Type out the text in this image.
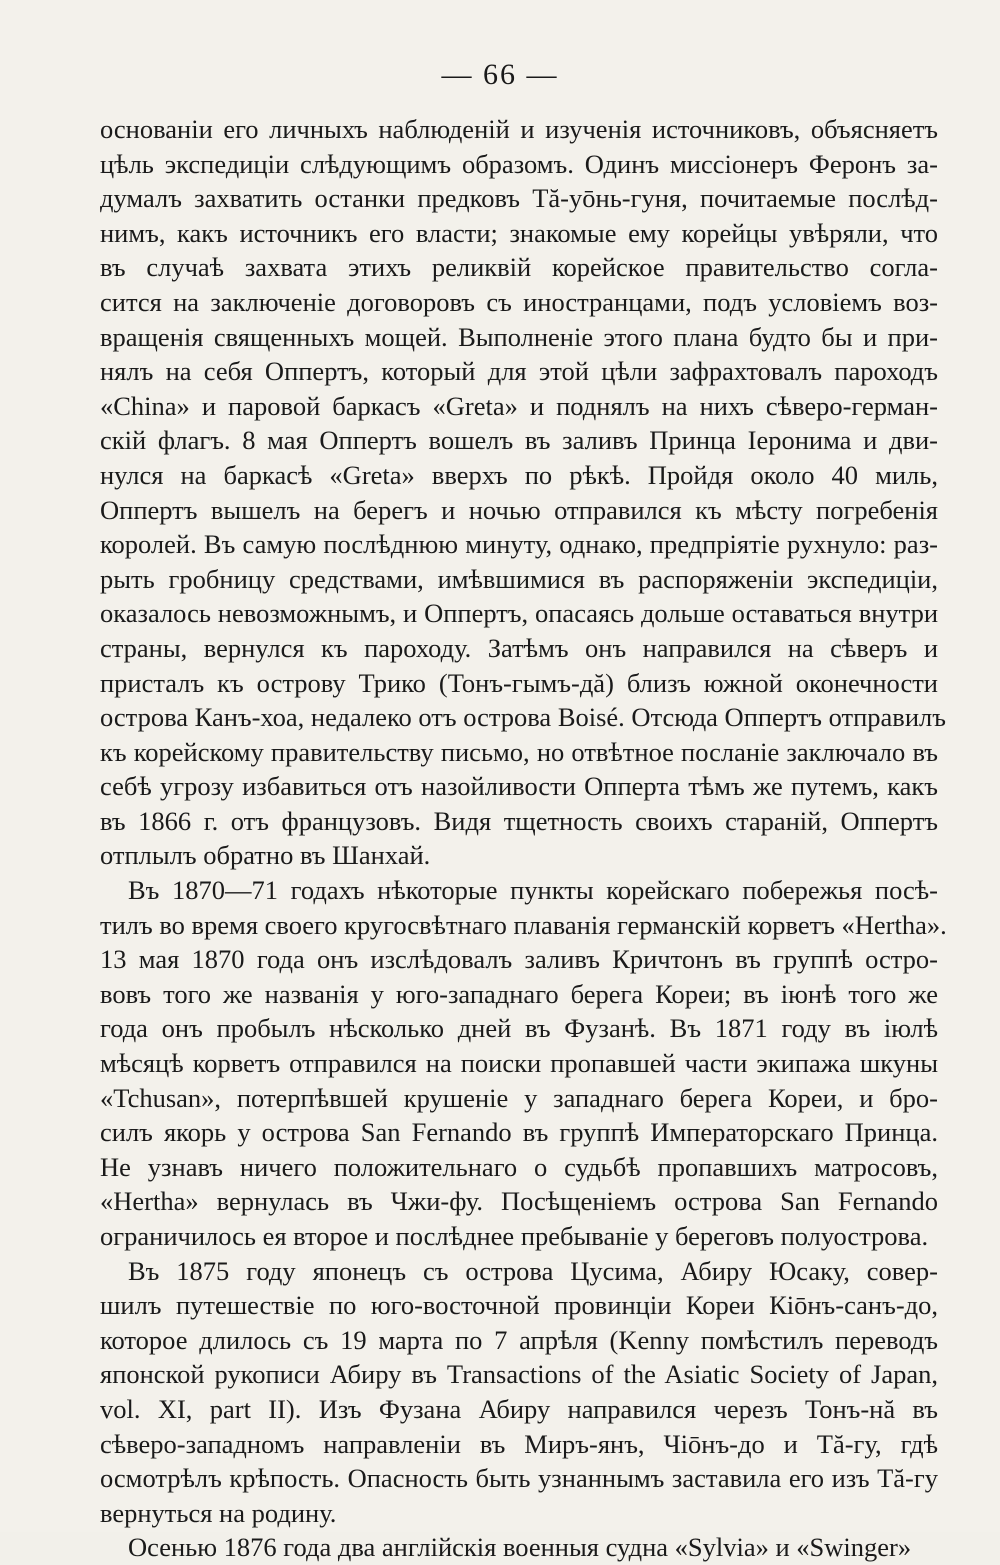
— 66 —
основаніи его личныхъ наблюденій и изученія источниковъ, объясняетъ
цѣль экспедиціи слѣдующимъ образомъ. Одинъ миссіонеръ Феронъ за-
думалъ захватить останки предковъ Тă-уōнь-гуня, почитаемые послѣд-
нимъ, какъ источникъ его власти; знакомые ему корейцы увѣряли, что
въ случаѣ захвата этихъ реликвій корейское правительство согла-
сится на заключеніе договоровъ съ иностранцами, подъ условіемъ воз-
вращенія священныхъ мощей. Выполненіе этого плана будто бы и при-
нялъ на себя Оппертъ, который для этой цѣли зафрахтовалъ пароходъ
«China» и паровой баркасъ «Greta» и поднялъ на нихъ сѣверо-герман-
скій флагъ. 8 мая Оппертъ вошелъ въ заливъ Принца Іеронима и дви-
нулся на баркасѣ «Greta» вверхъ по рѣкѣ. Пройдя около 40 миль,
Оппертъ вышелъ на берегъ и ночью отправился къ мѣсту погребенія
королей. Въ самую послѣднюю минуту, однако, предпріятіе рухнуло: раз-
рыть гробницу средствами, имѣвшимися въ распоряженіи экспедиціи,
оказалось невозможнымъ, и Оппертъ, опасаясь дольше оставаться внутри
страны, вернулся къ пароходу. Затѣмъ онъ направился на сѣверъ и
присталъ къ острову Трико (Тонъ-гымъ-дă) близъ южной оконечности
острова Канъ-хоа, недалеко отъ острова Boisé. Отсюда Оппертъ отправилъ
къ корейскому правительству письмо, но отвѣтное посланіе заключало въ
себѣ угрозу избавиться отъ назойливости Опперта тѣмъ же путемъ, какъ
въ 1866 г. отъ французовъ. Видя тщетность своихъ стараній, Оппертъ
отплылъ обратно въ Шанхай.
Въ 1870—71 годахъ нѣкоторые пункты корейскаго побережья посѣ-
тилъ во время своего кругосвѣтнаго плаванія германскій корветъ «Hertha».
13 мая 1870 года онъ изслѣдовалъ заливъ Кричтонъ въ группѣ остро-
вовъ того же названія у юго-западнаго берега Кореи; въ іюнѣ того же
года онъ пробылъ нѣсколько дней въ Фузанѣ. Въ 1871 году въ іюлѣ
мѣсяцѣ корветъ отправился на поиски пропавшей части экипажа шкуны
«Tchusan», потерпѣвшей крушеніе у западнаго берега Кореи, и бро-
силъ якорь у острова San Fernando въ группѣ Императорскаго Принца.
Не узнавъ ничего положительнаго о судьбѣ пропавшихъ матросовъ,
«Hertha» вернулась въ Чжи-фу. Посѣщеніемъ острова San Fernando
ограничилось ея второе и послѣднее пребываніе у береговъ полуострова.
Въ 1875 году японецъ съ острова Цусима, Абиру Юсаку, совер-
шилъ путешествіе по юго-восточной провинціи Кореи Кіōнъ-санъ-до,
которое длилось съ 19 марта по 7 апрѣля (Kenny помѣстилъ переводъ
японской рукописи Абиру въ Transactions of the Asiatic Society of Japan,
vol. XI, part II). Изъ Фузана Абиру направился черезъ Тонъ-нă въ
сѣверо-западномъ направленіи въ Миръ-янъ, Чіōнъ-до и Тă-гу, гдѣ
осмотрѣлъ крѣпость. Опасность быть узнаннымъ заставила его изъ Тă-гу
вернуться на родину.
Осенью 1876 года два англійскія военныя судна «Sylvia» и «Swinger»
